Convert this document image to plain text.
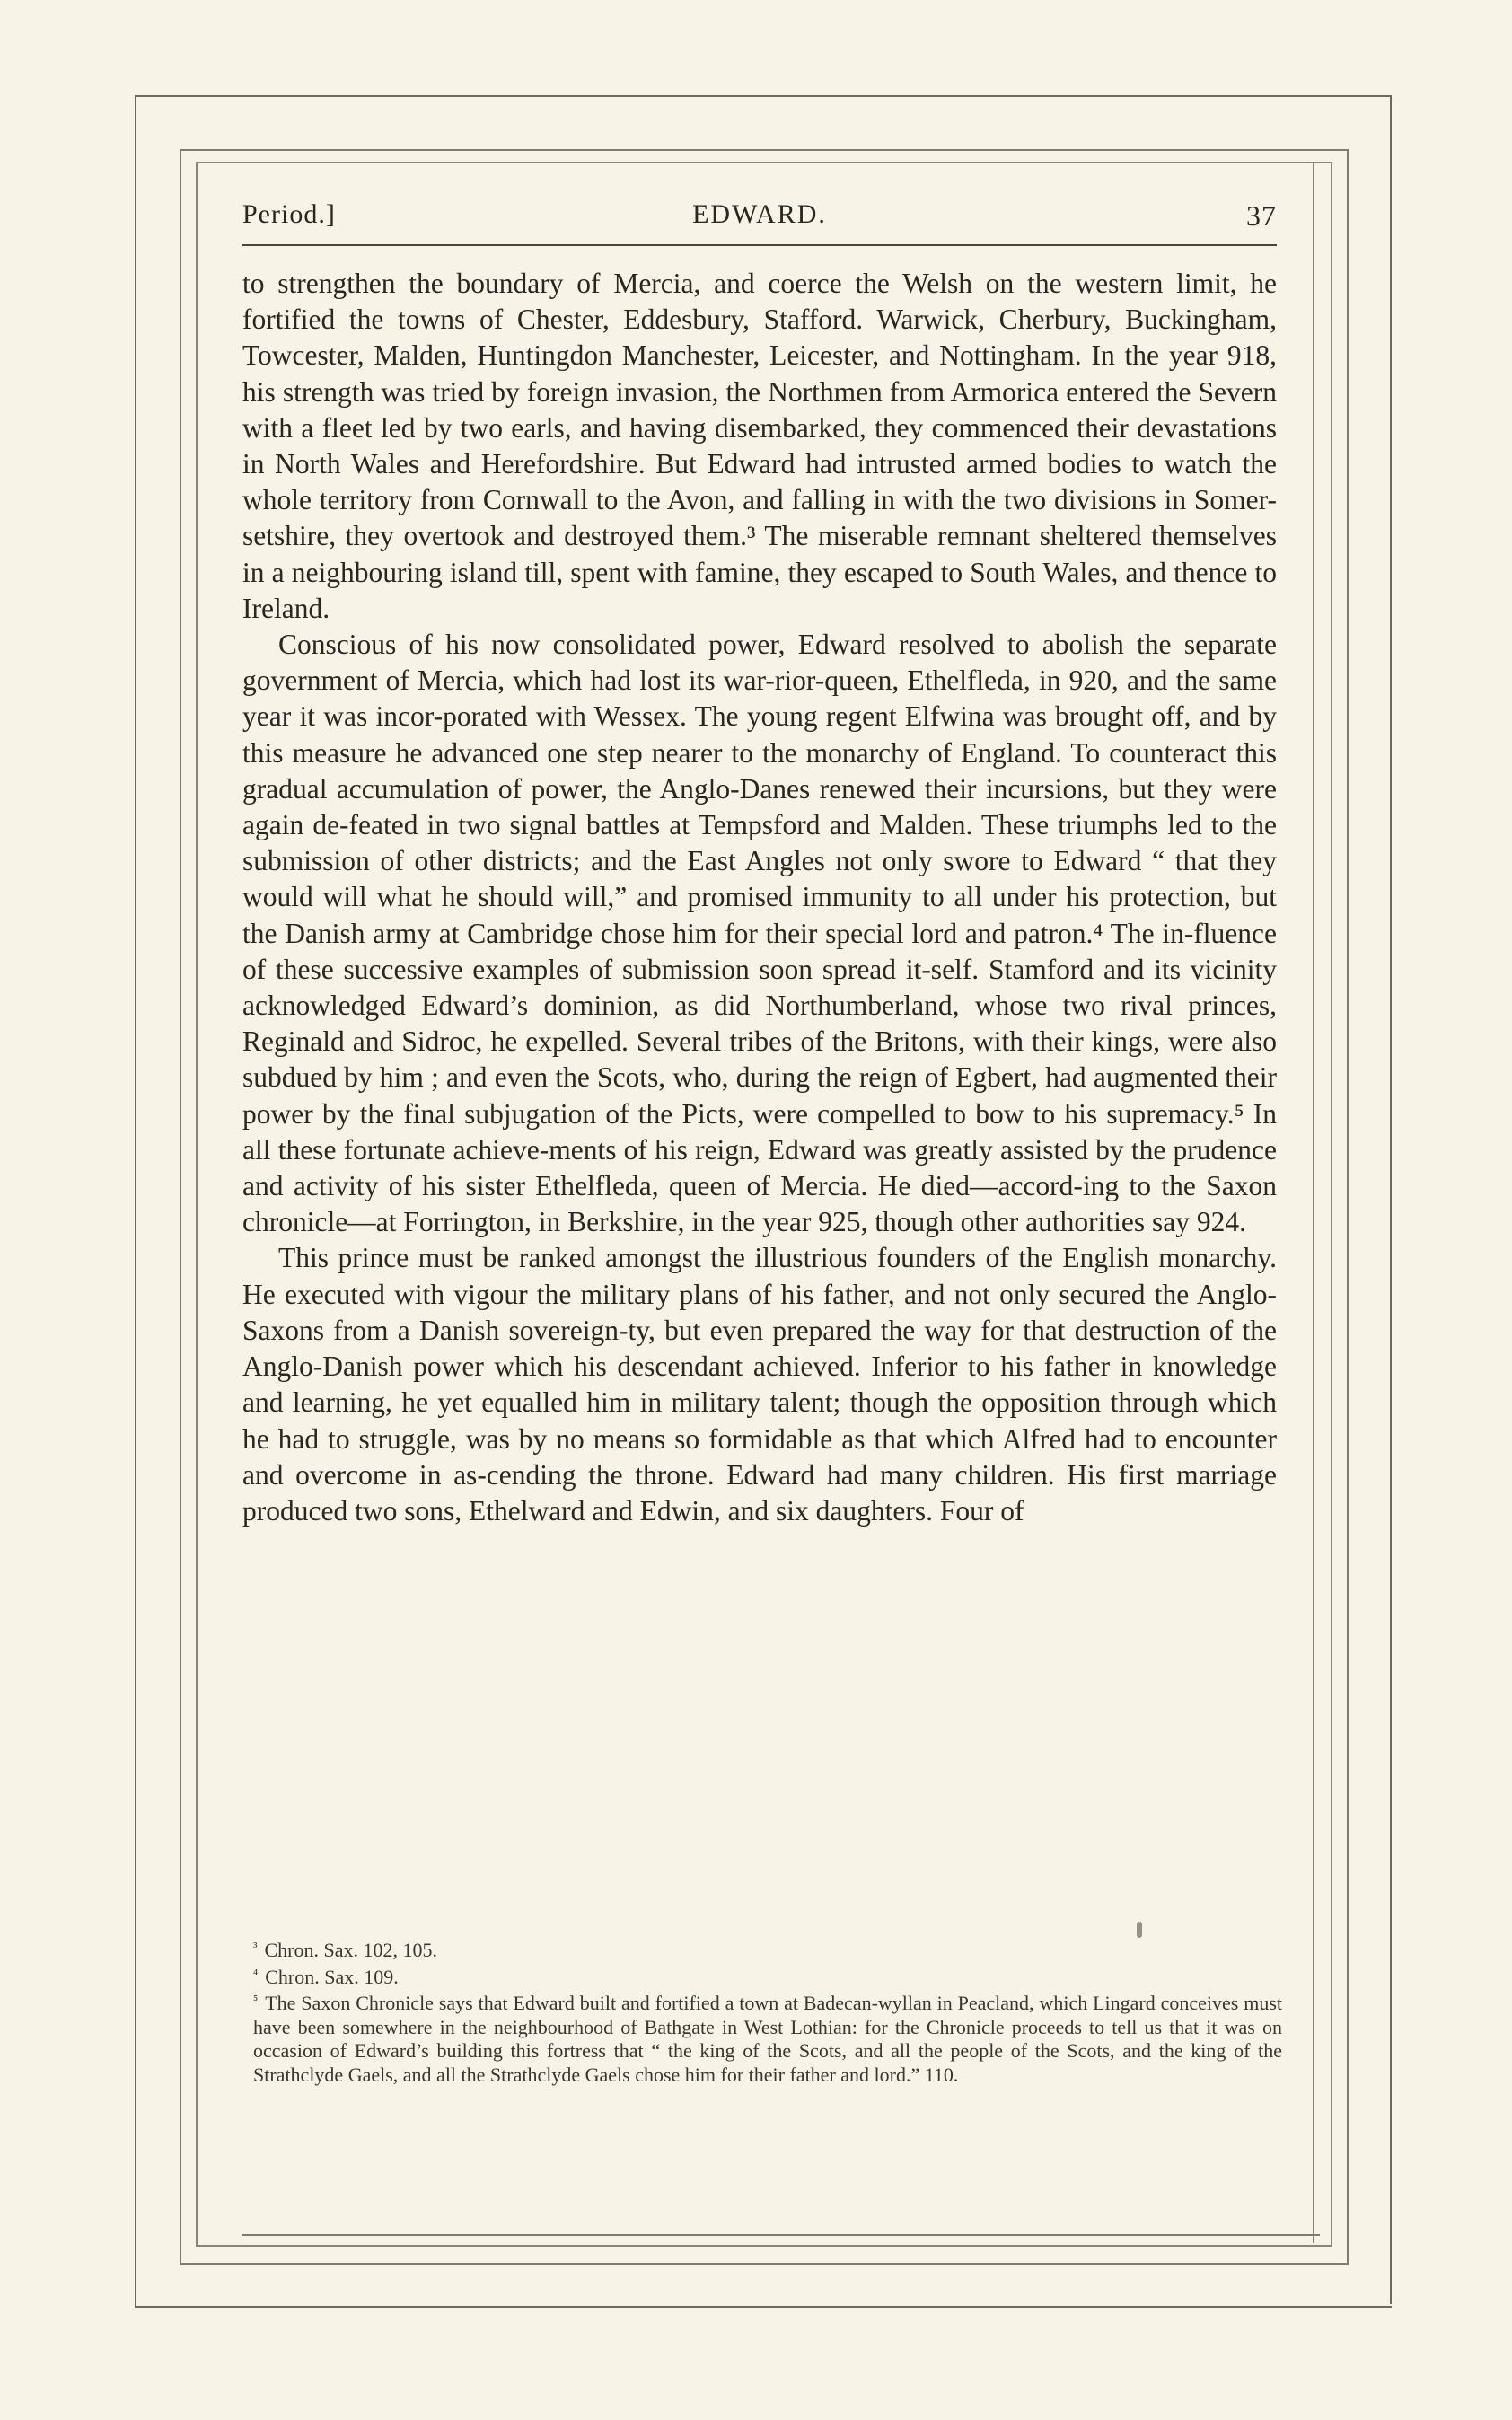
Period.]	EDWARD.	37

to strengthen the boundary of Mercia, and coerce the Welsh on the western limit, he fortified the towns of Chester, Eddesbury, Stafford. Warwick, Cherbury, Buckingham, Towcester, Malden, Huntingdon Manchester, Leicester, and Nottingham. In the year 918, his strength was tried by foreign invasion, the Northmen from Armorica entered the Severn with a fleet led by two earls, and having disembarked, they commenced their devastations in North Wales and Herefordshire. But Edward had intrusted armed bodies to watch the whole territory from Cornwall to the Avon, and falling in with the two divisions in Somer-setshire, they overtook and destroyed them.³ The miserable remnant sheltered themselves in a neighbouring island till, spent with famine, they escaped to South Wales, and thence to Ireland.

Conscious of his now consolidated power, Edward resolved to abolish the separate government of Mercia, which had lost its war-rior-queen, Ethelfleda, in 920, and the same year it was incor-porated with Wessex. The young regent Elfwina was brought off, and by this measure he advanced one step nearer to the monarchy of England. To counteract this gradual accumulation of power, the Anglo-Danes renewed their incursions, but they were again de-feated in two signal battles at Tempsford and Malden. These triumphs led to the submission of other districts; and the East Angles not only swore to Edward “ that they would will what he should will,” and promised immunity to all under his protection, but the Danish army at Cambridge chose him for their special lord and patron.⁴ The in-fluence of these successive examples of submission soon spread it-self. Stamford and its vicinity acknowledged Edward’s dominion, as did Northumberland, whose two rival princes, Reginald and Sidroc, he expelled. Several tribes of the Britons, with their kings, were also subdued by him ; and even the Scots, who, during the reign of Egbert, had augmented their power by the final subjugation of the Picts, were compelled to bow to his supremacy.⁵ In all these fortunate achieve-ments of his reign, Edward was greatly assisted by the prudence and activity of his sister Ethelfleda, queen of Mercia. He died—accord-ing to the Saxon chronicle—at Forrington, in Berkshire, in the year 925, though other authorities say 924.

This prince must be ranked amongst the illustrious founders of the English monarchy. He executed with vigour the military plans of his father, and not only secured the Anglo-Saxons from a Danish sovereign-ty, but even prepared the way for that destruction of the Anglo-Danish power which his descendant achieved. Inferior to his father in knowledge and learning, he yet equalled him in military talent; though the opposition through which he had to struggle, was by no means so formidable as that which Alfred had to encounter and overcome in as-cending the throne. Edward had many children. His first marriage produced two sons, Ethelward and Edwin, and six daughters. Four of

$^{^3}$ Chron. Sax. 102, 105.

$^{^4}$ Chron. Sax. 109.

$^{^5}$ The Saxon Chronicle says that Edward built and fortified a town at Badecan-wyllan in Peacland, which Lingard conceives must have been somewhere in the neighbourhood of Bathgate in West Lothian: for the Chronicle proceeds to tell us that it was on occasion of Edward’s building this fortress that “ the king of the Scots, and all the people of the Scots, and the king of the Strathclyde Gaels, and all the Strathclyde Gaels chose him for their father and lord.” 110.
